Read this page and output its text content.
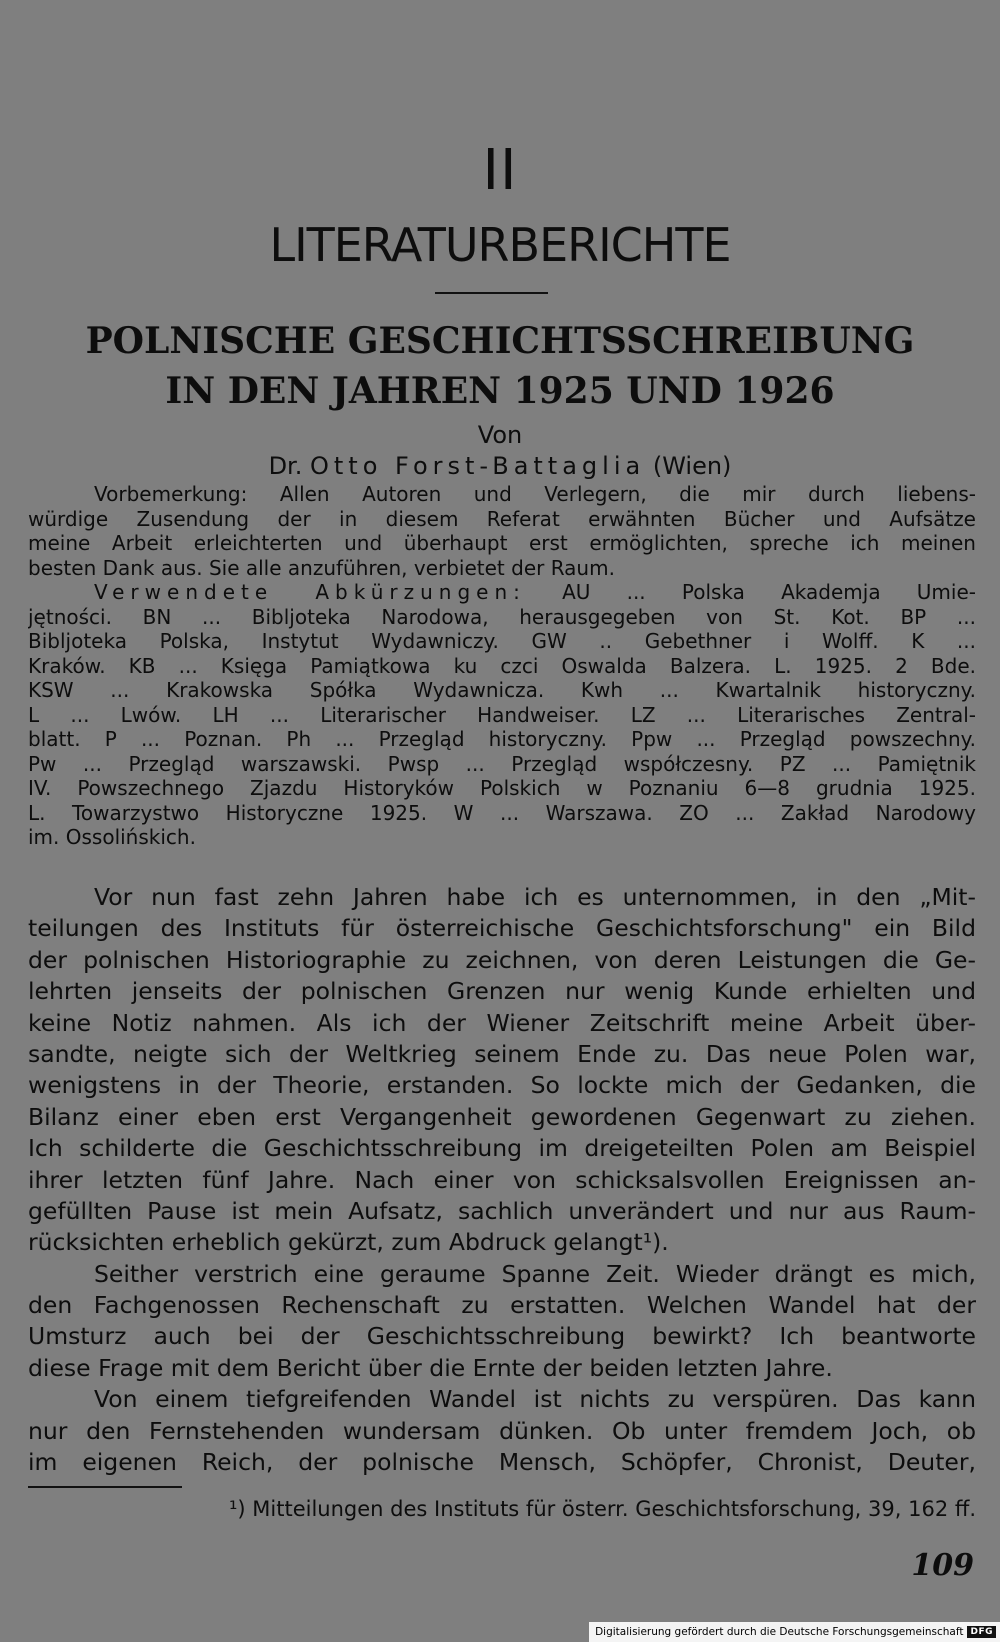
II
LITERATURBERICHTE
POLNISCHE GESCHICHTSSCHREIBUNG
IN DEN JAHREN 1925 UND 1926
Von
Dr. Otto Forst-Battaglia (Wien)
Vorbemerkung: Allen Autoren und Verlegern, die mir durch liebens-
würdige Zusendung der in diesem Referat erwähnten Bücher und Aufsätze
meine Arbeit erleichterten und überhaupt erst ermöglichten, spreche ich meinen
besten Dank aus. Sie alle anzuführen, verbietet der Raum.
Verwendete Abkürzungen: AU ... Polska Akademja Umie-
jętności. BN ... Bibljoteka Narodowa, herausgegeben von St. Kot. BP ...
Bibljoteka Polska, Instytut Wydawniczy. GW .. Gebethner i Wolff. K ...
Kraków. KB ... Księga Pamiątkowa ku czci Oswalda Balzera. L. 1925. 2 Bde.
KSW ... Krakowska Spółka Wydawnicza. Kwh ... Kwartalnik historyczny.
L ... Lwów. LH ... Literarischer Handweiser. LZ ... Literarisches Zentral-
blatt. P ... Poznan. Ph ... Przegląd historyczny. Ppw ... Przegląd powszechny.
Pw ... Przegląd warszawski. Pwsp ... Przegląd współczesny. PZ ... Pamiętnik
IV. Powszechnego Zjazdu Historyków Polskich w Poznaniu 6—8 grudnia 1925.
L. Towarzystwo Historyczne 1925. W ... Warszawa. ZO ... Zakład Narodowy
im. Ossolińskich.
Vor nun fast zehn Jahren habe ich es unternommen, in den „Mit-
teilungen des Instituts für österreichische Geschichtsforschung" ein Bild
der polnischen Historiographie zu zeichnen, von deren Leistungen die Ge-
lehrten jenseits der polnischen Grenzen nur wenig Kunde erhielten und
keine Notiz nahmen. Als ich der Wiener Zeitschrift meine Arbeit über-
sandte, neigte sich der Weltkrieg seinem Ende zu. Das neue Polen war,
wenigstens in der Theorie, erstanden. So lockte mich der Gedanken, die
Bilanz einer eben erst Vergangenheit gewordenen Gegenwart zu ziehen.
Ich schilderte die Geschichtsschreibung im dreigeteilten Polen am Beispiel
ihrer letzten fünf Jahre. Nach einer von schicksalsvollen Ereignissen an-
gefüllten Pause ist mein Aufsatz, sachlich unverändert und nur aus Raum-
rücksichten erheblich gekürzt, zum Abdruck gelangt¹).
Seither verstrich eine geraume Spanne Zeit. Wieder drängt es mich,
den Fachgenossen Rechenschaft zu erstatten. Welchen Wandel hat der
Umsturz auch bei der Geschichtsschreibung bewirkt? Ich beantworte
diese Frage mit dem Bericht über die Ernte der beiden letzten Jahre.
Von einem tiefgreifenden Wandel ist nichts zu verspüren. Das kann
nur den Fernstehenden wundersam dünken. Ob unter fremdem Joch, ob
im eigenen Reich, der polnische Mensch, Schöpfer, Chronist, Deuter,
¹) Mitteilungen des Instituts für österr. Geschichtsforschung, 39, 162 ff.
109
Digitalisierung gefördert durch die Deutsche Forschungsgemeinschaft DFG
